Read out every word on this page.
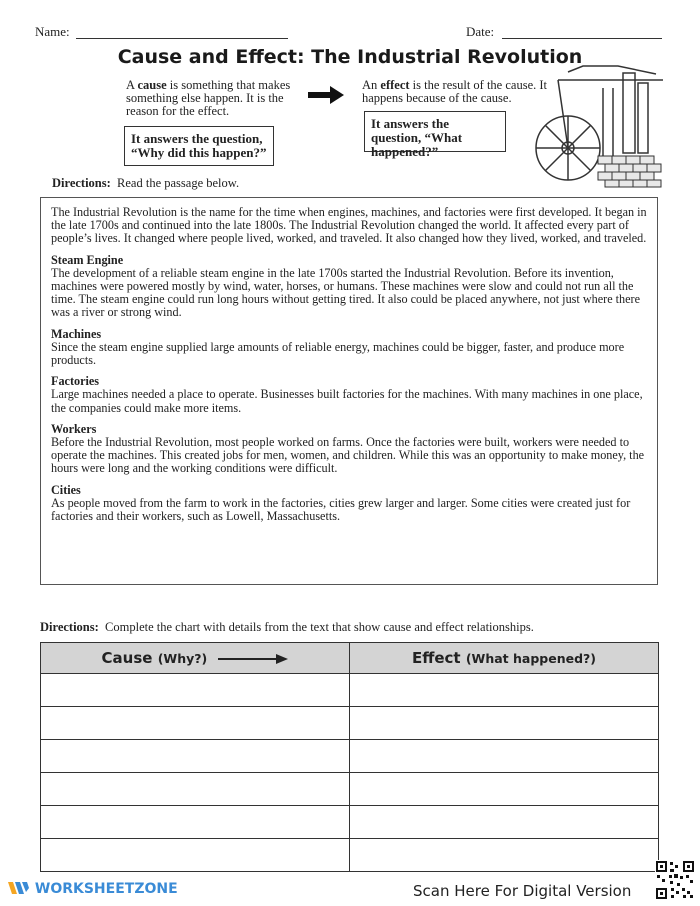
Name:	Date:
Cause and Effect: The Industrial Revolution
A cause is something that makes something else happen. It is the reason for the effect.
It answers the question, “Why did this happen?”
An effect is the result of the cause. It happens because of the cause.
It answers the question, “What happened?”
Directions: Read the passage below.

The Industrial Revolution is the name for the time when engines, machines, and factories were first developed. It began in the late 1700s and continued into the late 1800s. The Industrial Revolution changed the world. It affected every part of people’s lives. It changed where people lived, worked, and traveled. It also changed how they lived, worked, and traveled.

Steam Engine
The development of a reliable steam engine in the late 1700s started the Industrial Revolution. Before its invention, machines were powered mostly by wind, water, horses, or humans. These machines were slow and could not run all the time. The steam engine could run long hours without getting tired. It also could be placed anywhere, not just where there was a river or strong wind.

Machines
Since the steam engine supplied large amounts of reliable energy, machines could be bigger, faster, and produce more products.

Factories
Large machines needed a place to operate. Businesses built factories for the machines. With many machines in one place, the companies could make more items.

Workers
Before the Industrial Revolution, most people worked on farms. Once the factories were built, workers were needed to operate the machines. This created jobs for men, women, and children. While this was an opportunity to make money, the hours were long and the working conditions were difficult.

Cities
As people moved from the farm to work in the factories, cities grew larger and larger. Some cities were created just for factories and their workers, such as Lowell, Massachusetts.

Directions: Complete the chart with details from the text that show cause and effect relationships.
Cause (Why?)	Effect (What happened?)

WORKSHEETZONE	Scan Here For Digital Version
